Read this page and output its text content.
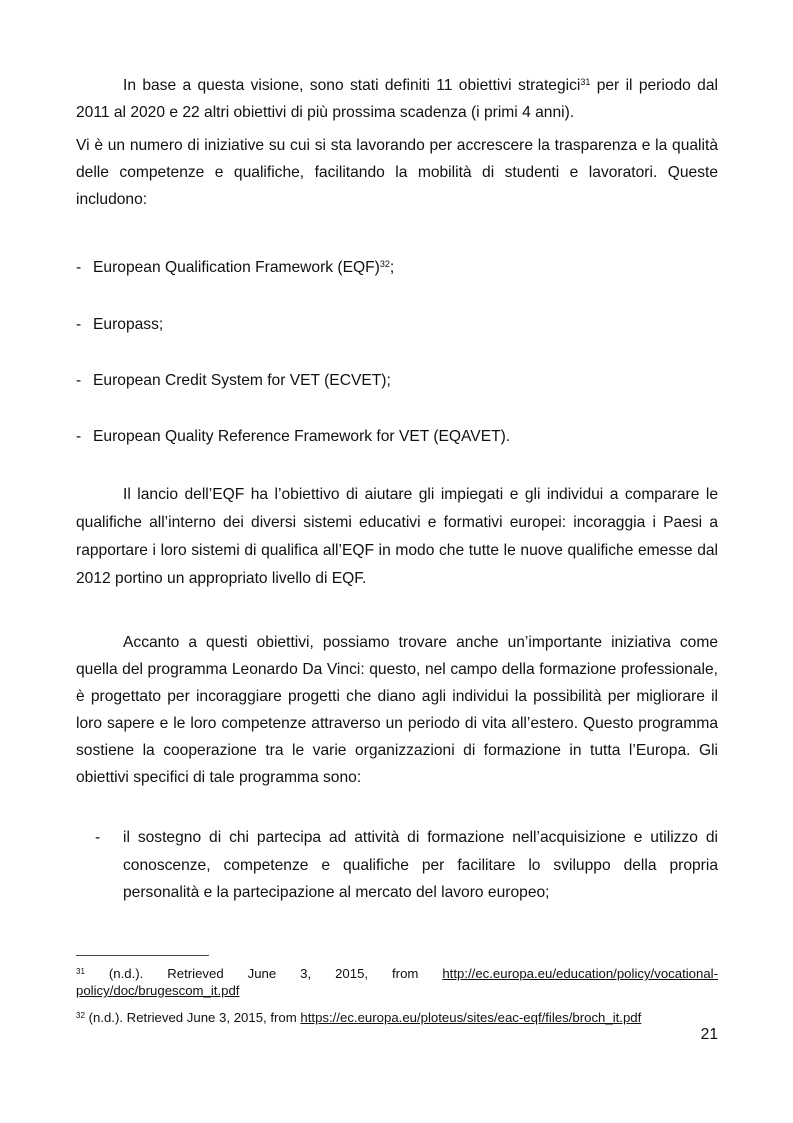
In base a questa visione, sono stati definiti 11 obiettivi strategici$^{31}$ per il periodo dal 2011 al 2020 e 22 altri obiettivi di più prossima scadenza (i primi 4 anni).

Vi è un numero di iniziative su cui si sta lavorando per accrescere la trasparenza e la qualità delle competenze e qualifiche, facilitando la mobilità di studenti e lavoratori. Queste includono:

- European Qualification Framework (EQF)$^{32}$;
- Europass;
- European Credit System for VET (ECVET);
- European Quality Reference Framework for VET (EQAVET).

Il lancio dell’EQF ha l’obiettivo di aiutare gli impiegati e gli individui a comparare le qualifiche all’interno dei diversi sistemi educativi e formativi europei: incoraggia i Paesi a rapportare i loro sistemi di qualifica all’EQF in modo che tutte le nuove qualifiche emesse dal 2012 portino un appropriato livello di EQF.

Accanto a questi obiettivi, possiamo trovare anche un’importante iniziativa come quella del programma Leonardo Da Vinci: questo, nel campo della formazione professionale, è progettato per incoraggiare progetti che diano agli individui la possibilità per migliorare il loro sapere e le loro competenze attraverso un periodo di vita all’estero. Questo programma sostiene la cooperazione tra le varie organizzazioni di formazione in tutta l’Europa. Gli obiettivi specifici di tale programma sono:

- il sostegno di chi partecipa ad attività di formazione nell’acquisizione e utilizzo di conoscenze, competenze e qualifiche per facilitare lo sviluppo della propria personalità e la partecipazione al mercato del lavoro europeo;
$^{31}$ (n.d.). Retrieved June 3, 2015, from http://ec.europa.eu/education/policy/vocational-policy/doc/brugescom_it.pdf
$^{32}$ (n.d.). Retrieved June 3, 2015, from https://ec.europa.eu/ploteus/sites/eac-eqf/files/broch_it.pdf
21
